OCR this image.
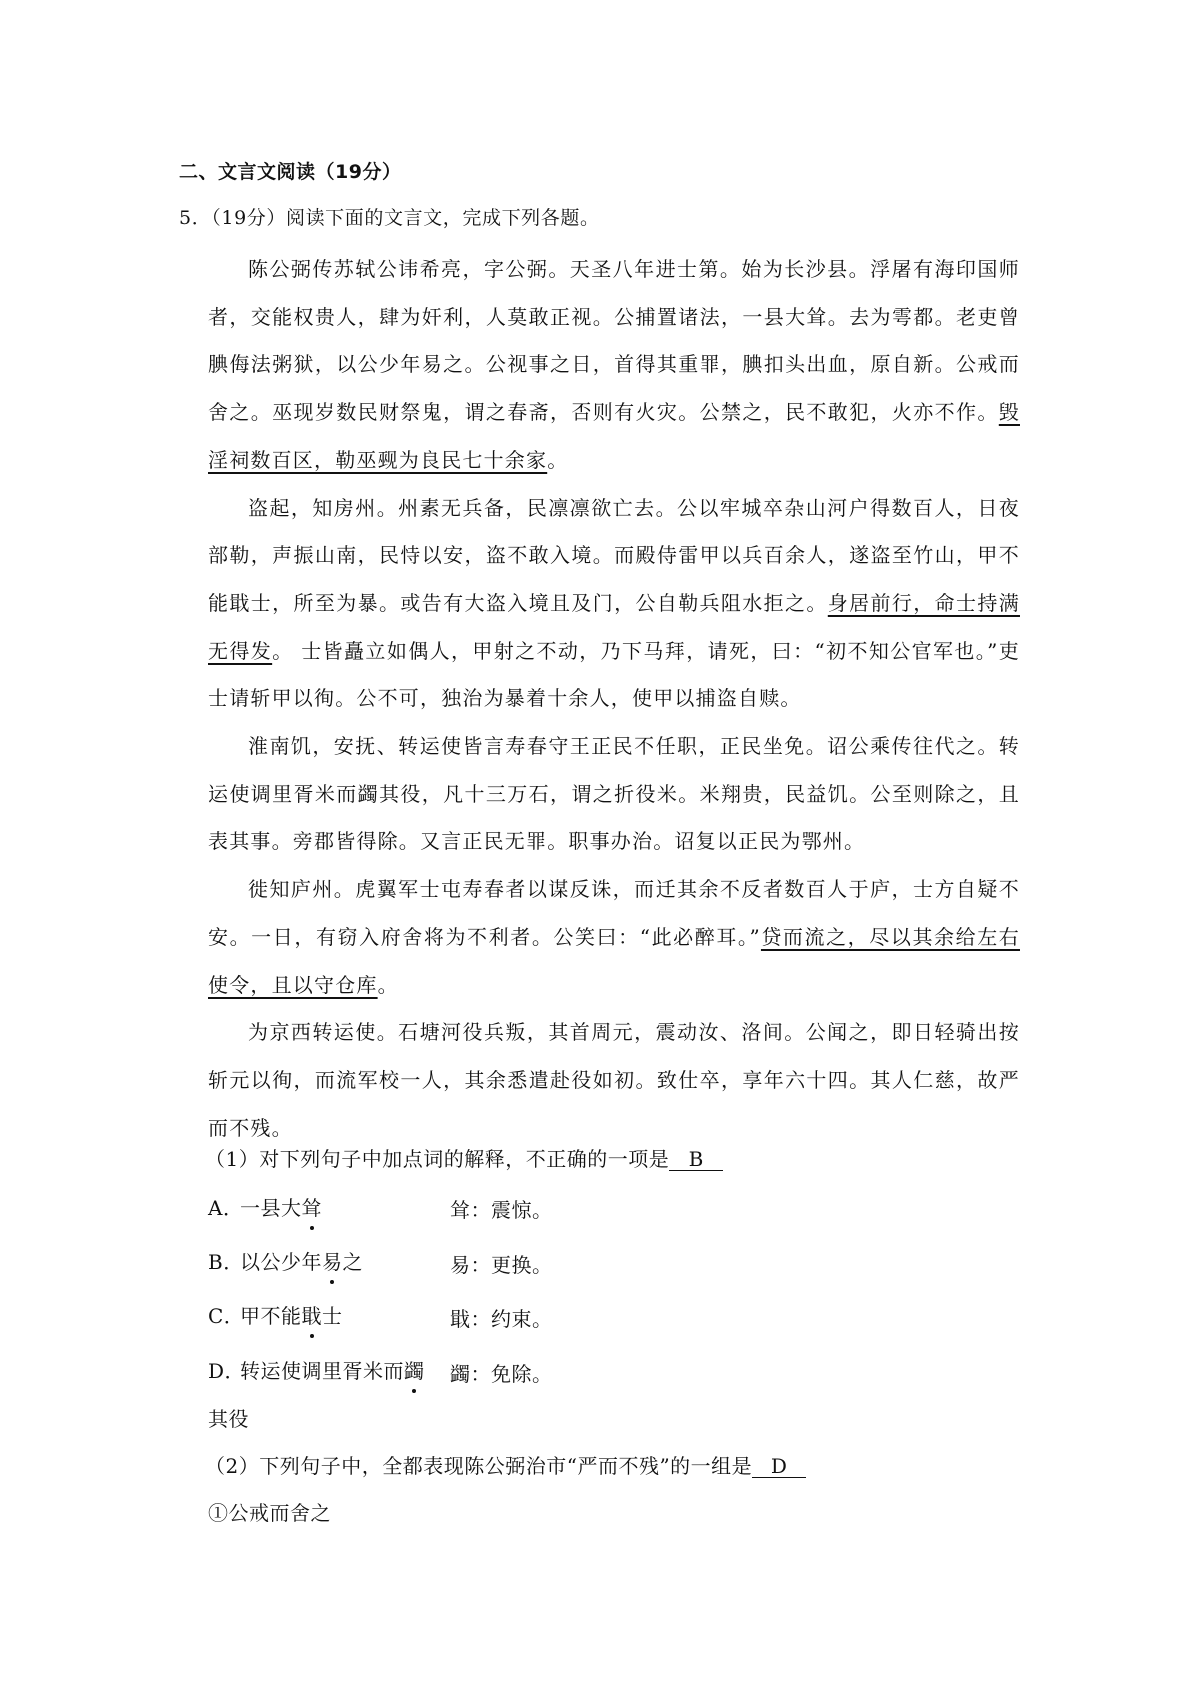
二、文言文阅读（19分）
5．（19分）阅读下面的文言文，完成下列各题。

陈公弼传苏轼公讳希亮，字公弼。天圣八年进士第。始为长沙县。浮屠有海印国师者，交能权贵人，肆为奸利，人莫敢正视。公捕置诸法，一县大耸。去为雩都。老吏曾腆侮法粥狱，以公少年易之。公视事之日，首得其重罪，腆扣头出血，原自新。公戒而舍之。巫现岁数民财祭鬼，谓之春斋，否则有火灾。公禁之，民不敢犯，火亦不作。毁淫祠数百区，勒巫觋为良民七十余家。

盗起，知房州。州素无兵备，民凛凛欲亡去。公以牢城卒杂山河户得数百人，日夜部勒，声振山南，民恃以安，盗不敢入境。而殿侍雷甲以兵百余人，遂盗至竹山，甲不能戢士，所至为暴。或告有大盗入境且及门，公自勒兵阻水拒之。身居前行，命士持满无得发。 士皆矗立如偶人，甲射之不动，乃下马拜，请死，曰：“初不知公官军也。”吏士请斩甲以徇。公不可，独治为暴着十余人，使甲以捕盗自赎。

淮南饥，安抚、转运使皆言寿春守王正民不任职，正民坐免。诏公乘传往代之。转运使调里胥米而蠲其役，凡十三万石，谓之折役米。米翔贵，民益饥。公至则除之，且表其事。旁郡皆得除。又言正民无罪。职事办治。诏复以正民为鄂州。

徙知庐州。虎翼军士屯寿春者以谋反诛，而迁其余不反者数百人于庐，士方自疑不安。一日，有窃入府舍将为不利者。公笑曰：“此必醉耳。”贷而流之，尽以其余给左右使令，且以守仓库。

为京西转运使。石塘河役兵叛，其首周元，震动汝、洛间。公闻之，即日轻骑出按斩元以徇，而流军校一人，其余悉遣赴役如初。致仕卒，享年六十四。其人仁慈，故严而不残。

（1）对下列句子中加点词的解释，不正确的一项是 B
A．一县大耸	耸：震惊。
B．以公少年易之	易：更换。
C．甲不能戢士	戢：约束。
D．转运使调里胥米而蠲 蠲：免除。
其役
（2）下列句子中，全都表现陈公弼治市“严而不残”的一组是 D
①公戒而舍之
